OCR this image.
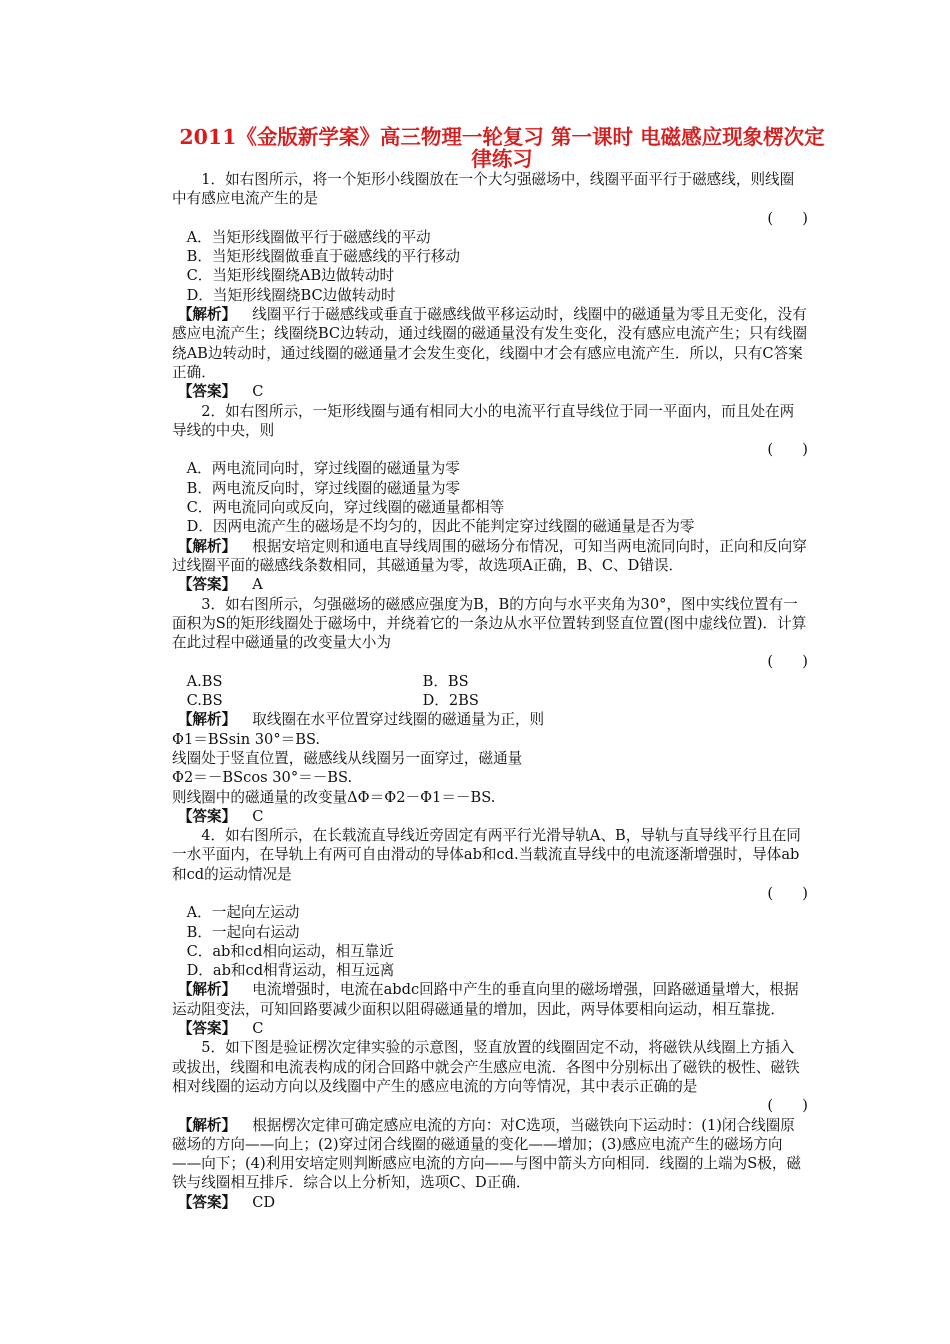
2011《金版新学案》高三物理一轮复习 第一课时 电磁感应现象楞次定律练习

1．如右图所示，将一个矩形小线圈放在一个大匀强磁场中，线圈平面平行于磁感线，则线圈中有感应电流产生的是

(　　)

A．当矩形线圈做平行于磁感线的平动

B．当矩形线圈做垂直于磁感线的平行移动

C．当矩形线圈绕AB边做转动时

D．当矩形线圈绕BC边做转动时

【解析】 线圈平行于磁感线或垂直于磁感线做平移运动时，线圈中的磁通量为零且无变化，没有感应电流产生；线圈绕BC边转动，通过线圈的磁通量没有发生变化，没有感应电流产生；只有线圈绕AB边转动时，通过线圈的磁通量才会发生变化，线圈中才会有感应电流产生．所以，只有C答案正确．

【答案】 C

2．如右图所示，一矩形线圈与通有相同大小的电流平行直导线位于同一平面内，而且处在两导线的中央，则

(　　)

A．两电流同向时，穿过线圈的磁通量为零

B．两电流反向时，穿过线圈的磁通量为零

C．两电流同向或反向，穿过线圈的磁通量都相等

D．因两电流产生的磁场是不均匀的，因此不能判定穿过线圈的磁通量是否为零

【解析】 根据安培定则和通电直导线周围的磁场分布情况，可知当两电流同向时，正向和反向穿过线圈平面的磁感线条数相同，其磁通量为零，故选项A正确，B、C、D错误．

【答案】 A

3．如右图所示，匀强磁场的磁感应强度为B，B的方向与水平夹角为30°，图中实线位置有一面积为S的矩形线圈处于磁场中，并绕着它的一条边从水平位置转到竖直位置(图中虚线位置)．计算在此过程中磁通量的改变量大小为

(　　)

A.BS	B．BS
C.BS	D．2BS

【解析】 取线圈在水平位置穿过线圈的磁通量为正，则

Φ1＝BSsin 30°＝BS.

线圈处于竖直位置，磁感线从线圈另一面穿过，磁通量

Φ2＝－BScos 30°＝－BS.

则线圈中的磁通量的改变量ΔΦ＝Φ2－Φ1＝－BS.

【答案】 C

4．如右图所示，在长载流直导线近旁固定有两平行光滑导轨A、B，导轨与直导线平行且在同一水平面内，在导轨上有两可自由滑动的导体ab和cd.当载流直导线中的电流逐渐增强时，导体ab和cd的运动情况是

(　　)

A．一起向左运动

B．一起向右运动

C．ab和cd相向运动，相互靠近

D．ab和cd相背运动，相互远离

【解析】 电流增强时，电流在abdc回路中产生的垂直向里的磁场增强，回路磁通量增大，根据运动阻变法，可知回路要减少面积以阻碍磁通量的增加，因此，两导体要相向运动，相互靠拢．

【答案】 C

5．如下图是验证楞次定律实验的示意图，竖直放置的线圈固定不动，将磁铁从线圈上方插入或拔出，线圈和电流表构成的闭合回路中就会产生感应电流．各图中分别标出了磁铁的极性、磁铁相对线圈的运动方向以及线圈中产生的感应电流的方向等情况，其中表示正确的是

(　　)

【解析】 根据楞次定律可确定感应电流的方向：对C选项，当磁铁向下运动时：(1)闭合线圈原磁场的方向——向上；(2)穿过闭合线圈的磁通量的变化——增加；(3)感应电流产生的磁场方向——向下；(4)利用安培定则判断感应电流的方向——与图中箭头方向相同．线圈的上端为S极，磁铁与线圈相互排斥．综合以上分析知，选项C、D正确．

【答案】 CD
